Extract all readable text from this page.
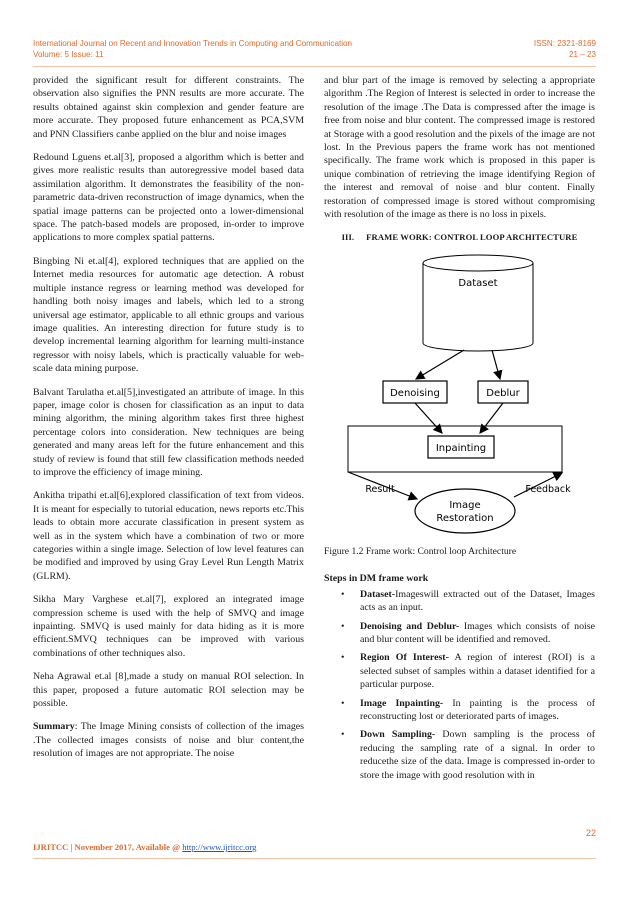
International Journal on Recent and Innovation Trends in Computing and Communication	ISSN: 2321-8169
Volume: 5 Issue: 11	21 – 23

provided the significant result for different constraints. The observation also signifies the PNN results are more accurate. The results obtained against skin complexion and gender feature are more accurate. They proposed future enhancement as PCA,SVM and PNN Classifiers canbe applied on the blur and noise images

Redound Lguens et.al[3], proposed a algorithm which is better and gives more realistic results than autoregressive model based data assimilation algorithm. It demonstrates the feasibility of the non-parametric data-driven reconstruction of image dynamics, when the spatial image patterns can be projected onto a lower-dimensional space. The patch-based models are proposed, in-order to improve applications to more complex spatial patterns.

Bingbing Ni et.al[4], explored techniques that are applied on the Internet media resources for automatic age detection. A robust multiple instance regress or learning method was developed for handling both noisy images and labels, which led to a strong universal age estimator, applicable to all ethnic groups and various image qualities. An interesting direction for future study is to develop incremental learning algorithm for learning multi-instance regressor with noisy labels, which is practically valuable for web-scale data mining purpose.

Balvant Tarulatha et.al[5],investigated an attribute of image. In this paper, image color is chosen for classification as an input to data mining algorithm, the mining algorithm takes first three highest percentage colors into consideration. New techniques are being generated and many areas left for the future enhancement and this study of review is found that still few classification methods needed to improve the efficiency of image mining.

Ankitha tripathi et.al[6],explored classification of text from videos. It is meant for especially to tutorial education, news reports etc.This leads to obtain more accurate classification in present system as well as in the system which have a combination of two or more categories within a single image. Selection of low level features can be modified and improved by using Gray Level Run Length Matrix (GLRM).

Sikha Mary Varghese et.al[7], explored an integrated image compression scheme is used with the help of SMVQ and image inpainting. SMVQ is used mainly for data hiding as it is more efficient.SMVQ techniques can be improved with various combinations of other techniques also.

Neha Agrawal et.al [8],made a study on manual ROI selection. In this paper, proposed a future automatic ROI selection may be possible.

Summary: The Image Mining consists of collection of the images .The collected images consists of noise and blur content,the resolution of images are not appropriate. The noise

and blur part of the image is removed by selecting a appropriate algorithm .The Region of Interest is selected in order to increase the resolution of the image .The Data is compressed after the image is free from noise and blur content. The compressed image is restored at Storage with a good resolution and the pixels of the image are not lost. In the Previous papers the frame work has not mentioned specifically. The frame work which is proposed in this paper is unique combination of retrieving the image identifying Region of the interest and removal of noise and blur content. Finally restoration of compressed image is stored without compromising with resolution of the image as there is no loss in pixels.

III. FRAME WORK: CONTROL LOOP ARCHITECTURE
Dataset
Denoising	Deblur
Inpainting
Result	Feedback
Image
Restoration

Figure 1.2 Frame work: Control loop Architecture

Steps in DM frame work
• Dataset-Imageswill extracted out of the Dataset, Images acts as an input.
• Denoising and Deblur- Images which consists of noise and blur content will be identified and removed.
• Region Of Interest- A region of interest (ROI) is a selected subset of samples within a dataset identified for a particular purpose.
• Image Inpainting- In painting is the process of reconstructing lost or deteriorated parts of images.
• Down Sampling- Down sampling is the process of reducing the sampling rate of a signal. In order to reducethe size of the data. Image is compressed in-order to store the image with good resolution with in
22
IJRITCC | November 2017, Available @ http://www.ijritcc.org
